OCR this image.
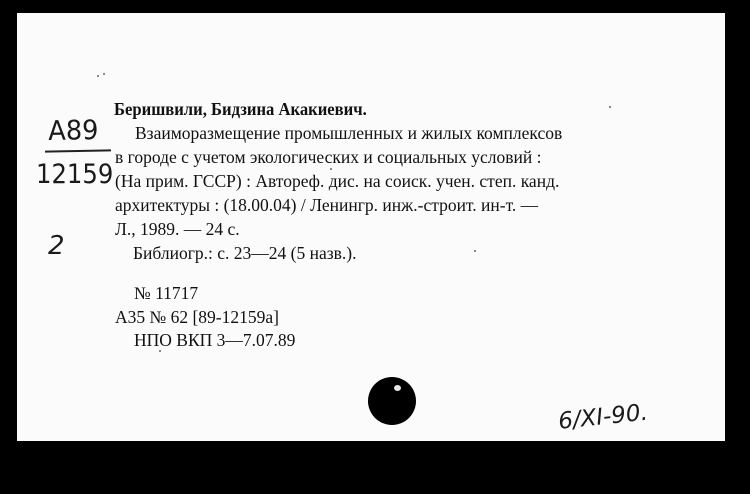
А89
12159
2
Беришвили, Бидзина Акакиевич.
Взаиморазмещение промышленных и жилых комплексов
в городе с учетом экологических и социальных условий :
(На прим. ГССР) : Автореф. дис. на соиск. учен. степ. канд.
архитектуры : (18.00.04) / Ленингр. инж.-строит. ин-т. —
Л., 1989. — 24 с.
Библиогр.: с. 23—24 (5 назв.).
№ 11717
А35 № 62 [89-12159а]
НПО ВКП 3—7.07.89
6/XI-90.
